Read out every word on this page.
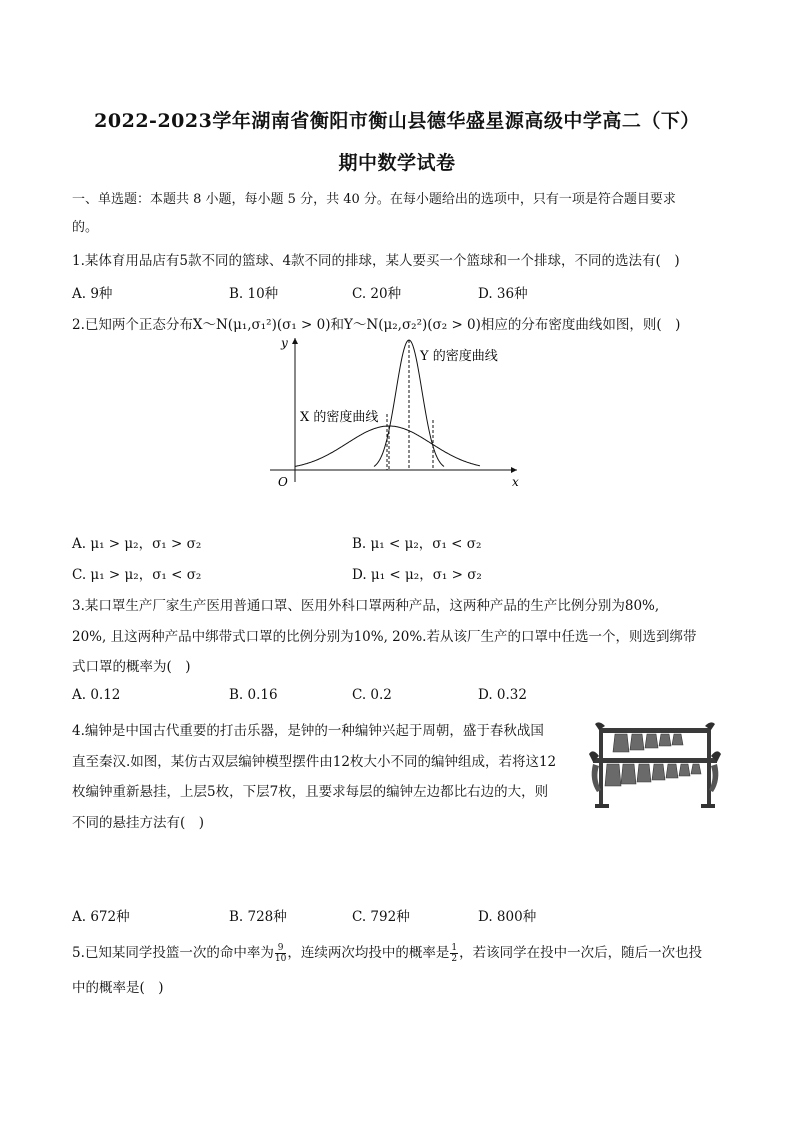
2022-2023学年湖南省衡阳市衡山县德华盛星源高级中学高二（下）
期中数学试卷
一、单选题：本题共 8 小题，每小题 5 分，共 40 分。在每小题给出的选项中，只有一项是符合题目要求
的。
1.某体育用品店有5款不同的篮球、4款不同的排球，某人要买一个篮球和一个排球，不同的选法有(　)
A. 9种	B. 10种	C. 20种	D. 36种
2.已知两个正态分布X～N(μ₁,σ₁²)(σ₁ > 0)和Y～N(μ₂,σ₂²)(σ₂ > 0)相应的分布密度曲线如图，则(　)
y
x
O
Y 的密度曲线
X 的密度曲线
A. μ₁ > μ₂，σ₁ > σ₂	B. μ₁ < μ₂，σ₁ < σ₂
C. μ₁ > μ₂，σ₁ < σ₂	D. μ₁ < μ₂，σ₁ > σ₂
3.某口罩生产厂家生产医用普通口罩、医用外科口罩两种产品，这两种产品的生产比例分别为80%,
20%, 且这两种产品中绑带式口罩的比例分别为10%, 20%.若从该厂生产的口罩中任选一个，则选到绑带
式口罩的概率为(　)
A. 0.12	B. 0.16	C. 0.2	D. 0.32
4.编钟是中国古代重要的打击乐器，是钟的一种编钟兴起于周朝，盛于春秋战国
直至秦汉.如图，某仿古双层编钟模型摆件由12枚大小不同的编钟组成，若将这12
枚编钟重新悬挂，上层5枚，下层7枚，且要求每层的编钟左边都比右边的大，则
不同的悬挂方法有(　)
A. 672种	B. 728种	C. 792种	D. 800种
5.已知某同学投篮一次的命中率为 $\frac{9}{10}$ ，连续两次均投中的概率是 $\frac{1}{2}$ ，若该同学在投中一次后，随后一次也投
中的概率是(　)
